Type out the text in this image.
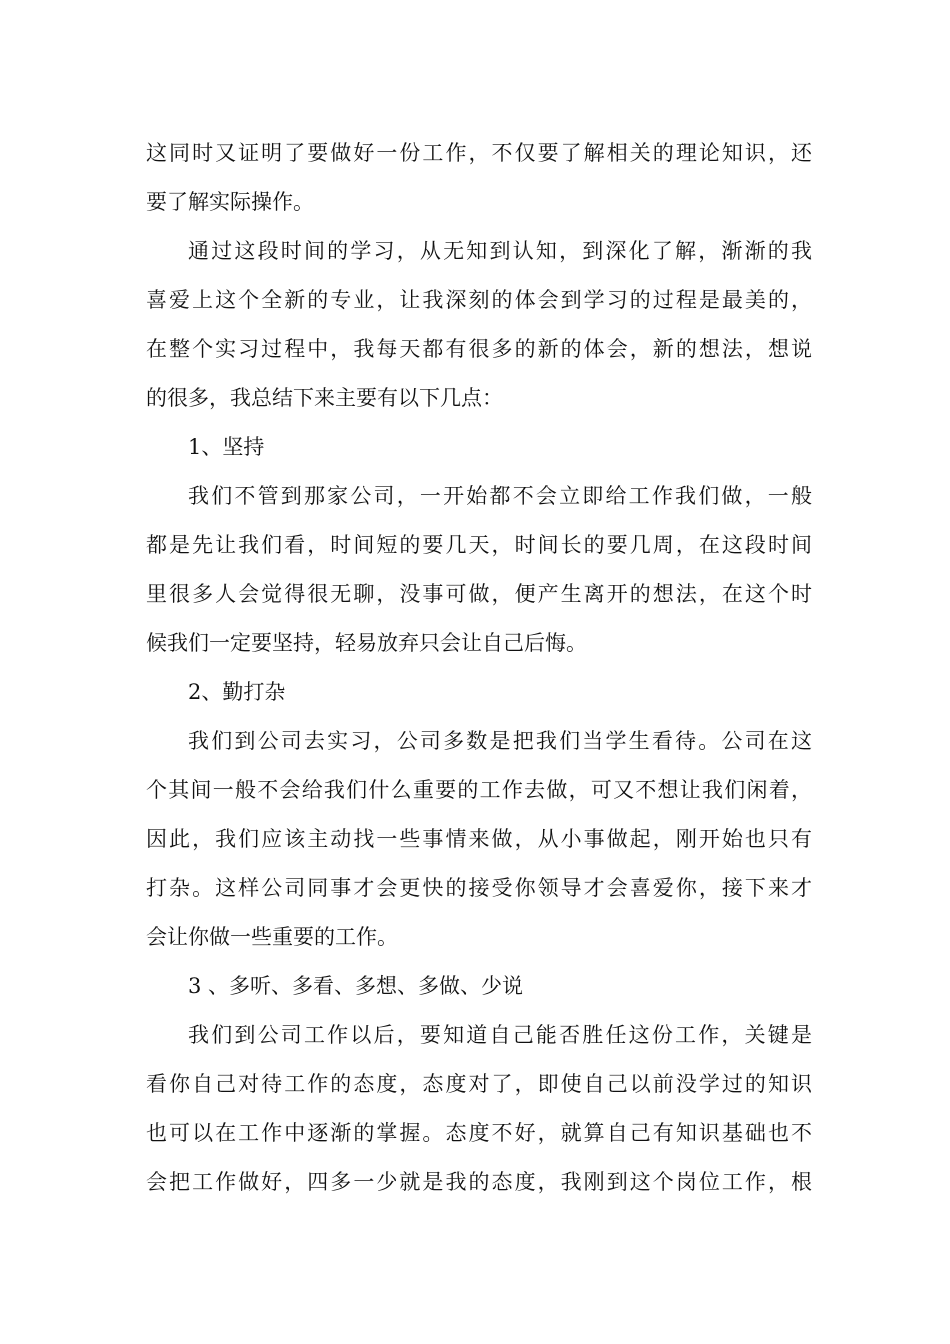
这同时又证明了要做好一份工作，不仅要了解相关的理论知识，还
要了解实际操作。
通过这段时间的学习，从无知到认知，到深化了解，渐渐的我
喜爱上这个全新的专业，让我深刻的体会到学习的过程是最美的，
在整个实习过程中，我每天都有很多的新的体会，新的想法，想说
的很多，我总结下来主要有以下几点：
1、坚持
我们不管到那家公司，一开始都不会立即给工作我们做，一般
都是先让我们看，时间短的要几天，时间长的要几周，在这段时间
里很多人会觉得很无聊，没事可做，便产生离开的想法，在这个时
候我们一定要坚持，轻易放弃只会让自己后悔。
2、勤打杂
我们到公司去实习，公司多数是把我们当学生看待。公司在这
个其间一般不会给我们什么重要的工作去做，可又不想让我们闲着，
因此，我们应该主动找一些事情来做，从小事做起，刚开始也只有
打杂。这样公司同事才会更快的接受你领导才会喜爱你，接下来才
会让你做一些重要的工作。
3 、多听、多看、多想、多做、少说
我们到公司工作以后，要知道自己能否胜任这份工作，关键是
看你自己对待工作的态度，态度对了，即使自己以前没学过的知识
也可以在工作中逐渐的掌握。态度不好，就算自己有知识基础也不
会把工作做好，四多一少就是我的态度，我刚到这个岗位工作，根
